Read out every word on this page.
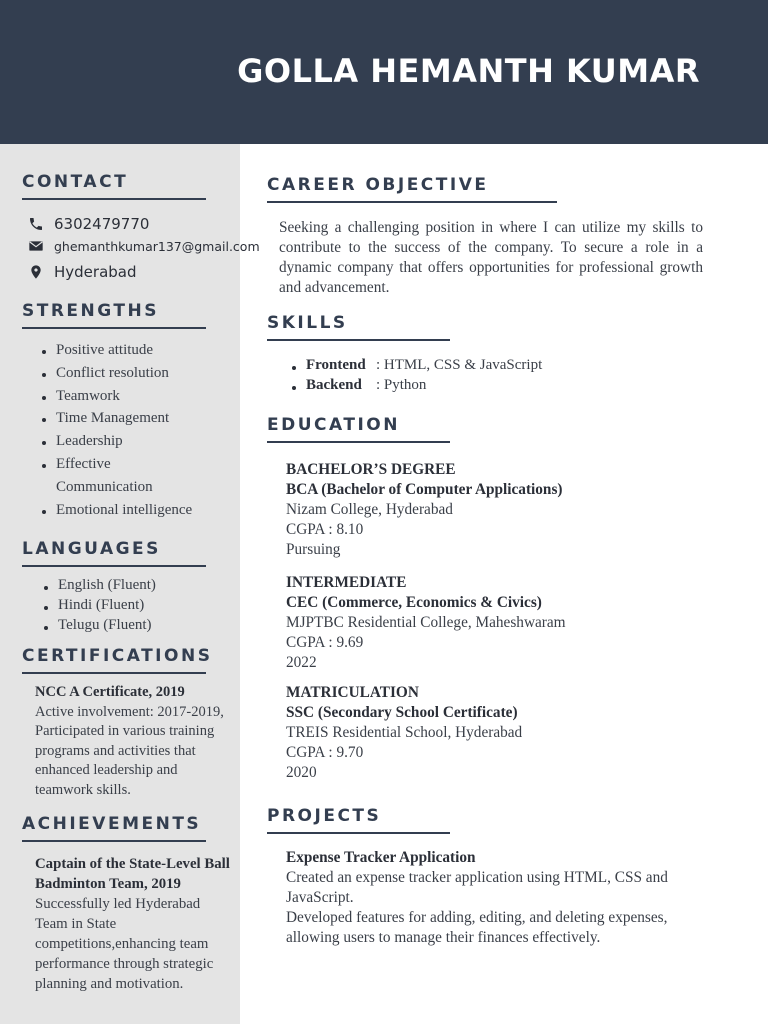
GOLLA HEMANTH KUMAR
CONTACT
6302479770
ghemanthkumar137@gmail.com
Hyderabad
STRENGTHS
Positive attitude
Conflict resolution
Teamwork
Time Management
Leadership
Effective
Communication
Emotional intelligence
LANGUAGES
English (Fluent)
Hindi (Fluent)
Telugu (Fluent)
CERTIFICATIONS
NCC A Certificate, 2019
Active involvement: 2017-2019,
Participated in various training
programs and activities that
enhanced leadership and
teamwork skills.
ACHIEVEMENTS
Captain of the State-Level Ball
Badminton Team, 2019
Successfully led Hyderabad
Team in State
competitions,enhancing team
performance through strategic
planning and motivation.
CAREER OBJECTIVE
Seeking a challenging position in where I can utilize my skills to contribute to the success of the company. To secure a role in a dynamic company that offers opportunities for professional growth and advancement.
SKILLS
Frontend : HTML, CSS & JavaScript
Backend : Python
EDUCATION
BACHELOR’S DEGREE
BCA (Bachelor of Computer Applications)
Nizam College, Hyderabad
CGPA : 8.10
Pursuing
INTERMEDIATE
CEC (Commerce, Economics & Civics)
MJPTBC Residential College, Maheshwaram
CGPA : 9.69
2022
MATRICULATION
SSC (Secondary School Certificate)
TREIS Residential School, Hyderabad
CGPA : 9.70
2020
PROJECTS
Expense Tracker Application
Created an expense tracker application using HTML, CSS and
JavaScript.
Developed features for adding, editing, and deleting expenses,
allowing users to manage their finances effectively.
